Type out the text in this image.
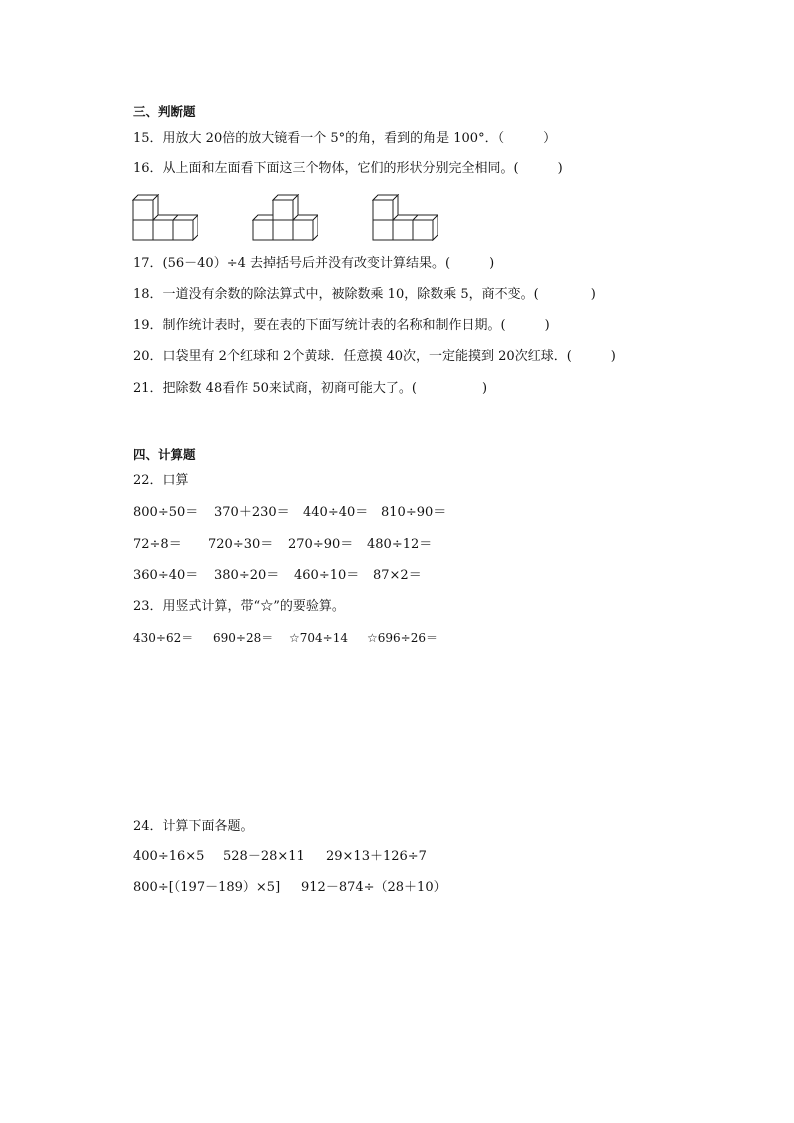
三、判断题
15．用放大 20倍的放大镜看一个 5°的角，看到的角是 100°．（　　　）
16．从上面和左面看下面这三个物体，它们的形状分别完全相同。(　　　)
17．(56－40）÷4 去掉括号后并没有改变计算结果。(　　　)
18．一道没有余数的除法算式中，被除数乘 10，除数乘 5，商不变。(　　　　)
19．制作统计表时，要在表的下面写统计表的名称和制作日期。(　　　)
20．口袋里有 2个红球和 2个黄球．任意摸 40次，一定能摸到 20次红球．(　　　)
21．把除数 48看作 50来试商，初商可能大了。(　　　　　)
四、计算题
22．口算
800÷50＝ 370＋230＝ 440÷40＝ 810÷90＝
72÷8＝ 720÷30＝ 270÷90＝ 480÷12＝
360÷40＝ 380÷20＝ 460÷10＝ 87×2＝
23．用竖式计算，带“☆”的要验算。
430÷62＝ 690÷28＝ ☆704÷14 ☆696÷26＝
24．计算下面各题。
400÷16×5 528－28×11 29×13＋126÷7
800÷[（197－189）×5] 912－874÷（28＋10）
